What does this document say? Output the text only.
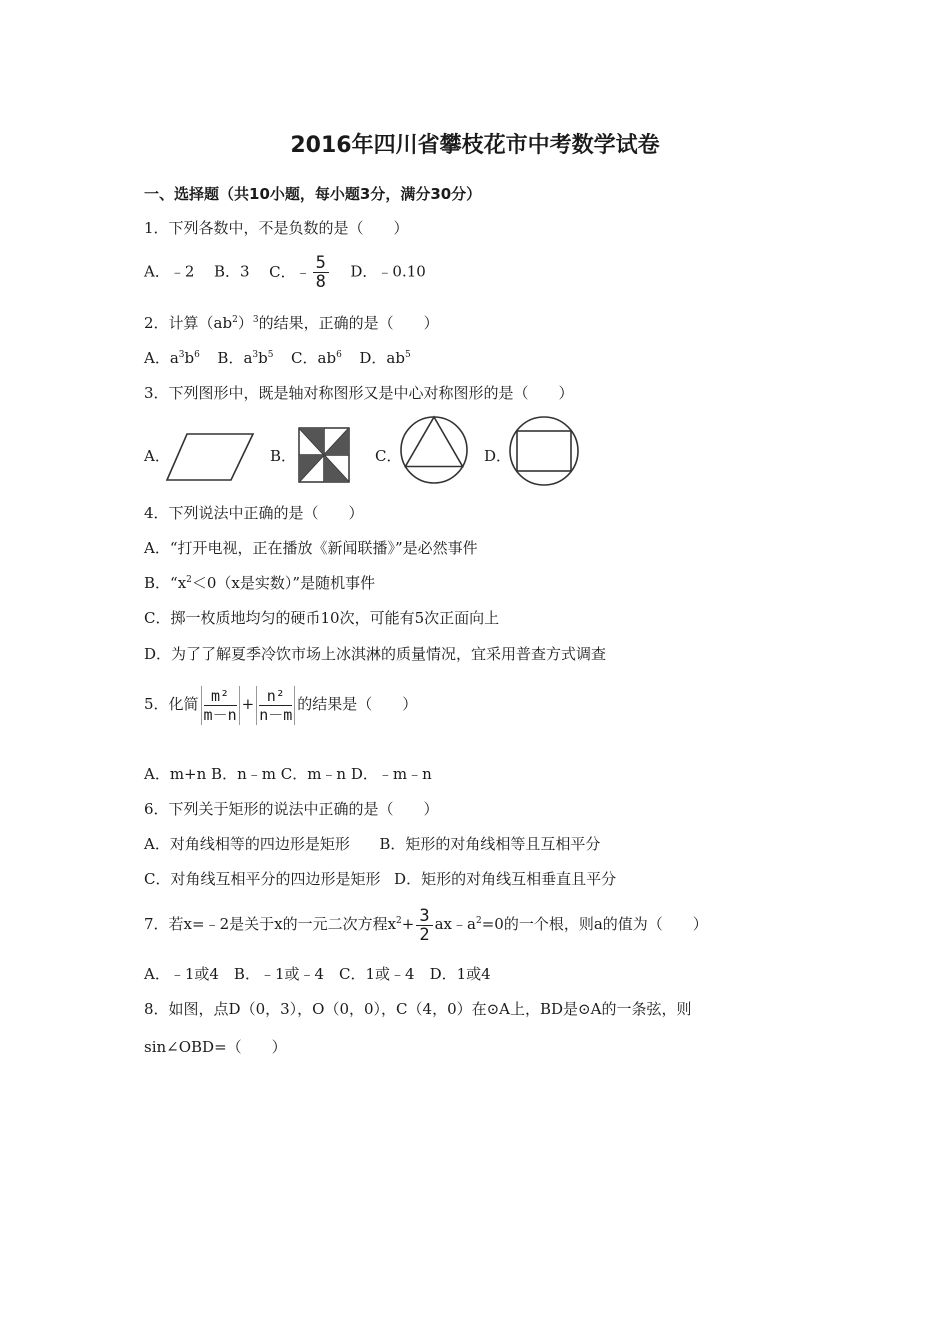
2016年四川省攀枝花市中考数学试卷
一、选择题（共10小题，每小题3分，满分30分）
1．下列各数中，不是负数的是（　　）
A．﹣2 B．3 C．﹣ $\frac{5}{8}$ D．﹣0.10
2．计算$(ab^2)^3$的结果，正确的是（　　）
A．$a^3b^6$ B．$a^3b^5$ C．$ab^6$ D．$ab^5$
3．下列图形中，既是轴对称图形又是中心对称图形的是（　　）
A．	B．	C．	D．
4．下列说法中正确的是（　　）
A．“打开电视，正在播放《新闻联播》”是必然事件
B．“$x^2<0(x$是实数）”是随机事件
C．掷一枚质地均匀的硬币10次，可能有5次正面向上
D．为了了解夏季冷饮市场上冰淇淋的质量情况，宜采用普查方式调查
5．化简 $\frac{\text{m²}}{m-n} + \frac{\text{n²}}{n-m}$ 的结果是（　　）
A．m+n B．n﹣m C．m﹣n D．﹣m﹣n
6．下列关于矩形的说法中正确的是（　　）
A．对角线相等的四边形是矩形 B．矩形的对角线相等且互相平分
C．对角线互相平分的四边形是矩形 D．矩形的对角线互相垂直且平分
7．若x=﹣2是关于x的一元二次方程$x^2+ \frac{3}{2}$ $ax﹣a^2=0$的一个根，则a的值为（　　）
A．﹣1或4　B．﹣1或﹣4　C．1或﹣4　D．1或4
8．如图，点D（0，3），O（0，0），C（4，0）在⊙A上，BD是⊙A的一条弦，则
sin∠OBD=（　　）
